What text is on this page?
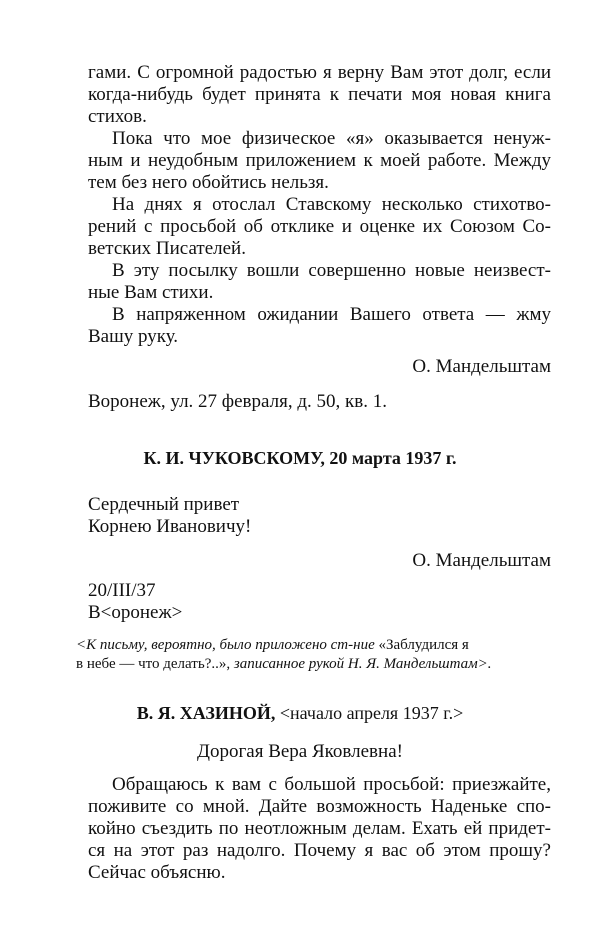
гами. С огромной радостью я верну Вам этот долг, если

когда-нибудь будет принята к печати моя новая книга

стихов.

Пока что мое физическое «я» оказывается ненуж-

ным и неудобным приложением к моей работе. Между

тем без него обойтись нельзя.

На днях я отослал Ставскому несколько стихотво-

рений с просьбой об отклике и оценке их Союзом Со-

ветских Писателей.

В эту посылку вошли совершенно новые неизвест-

ные Вам стихи.

В напряженном ожидании Вашего ответа — жму

Вашу руку.

О. Мандельштам

Воронеж, ул. 27 февраля, д. 50, кв. 1.

К. И. ЧУКОВСКОМУ, 20 марта 1937 г.

Сердечный привет

Корнею Ивановичу!

О. Мандельштам

20/III/37

В<оронеж>

<К письму, вероятно, было приложено ст-ние «Заблудился я

в небе — что делать?..», записанное рукой Н. Я. Мандельштам>.

В. Я. ХАЗИНОЙ, <начало апреля 1937 г.>

Дорогая Вера Яковлевна!

Обращаюсь к вам с большой просьбой: приезжайте,

поживите со мной. Дайте возможность Наденьке спо-

койно съездить по неотложным делам. Ехать ей придет-

ся на этот раз надолго. Почему я вас об этом прошу?

Сейчас объясню.
